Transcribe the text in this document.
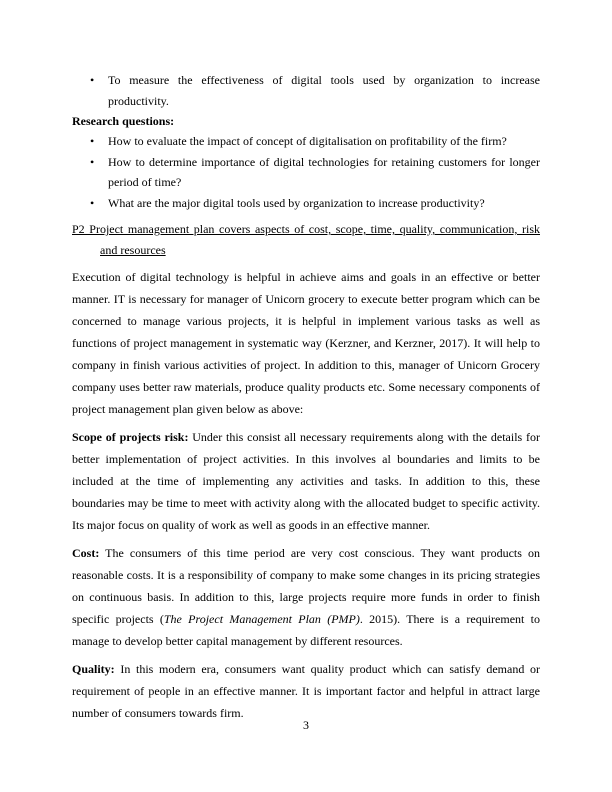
• To measure the effectiveness of digital tools used by organization to increase productivity.

Research questions:

• How to evaluate the impact of concept of digitalisation on profitability of the firm?
• How to determine importance of digital technologies for retaining customers for longer period of time?
• What are the major digital tools used by organization to increase productivity?

P2 Project management plan covers aspects of cost, scope, time, quality, communication, risk and resources

Execution of digital technology is helpful in achieve aims and goals in an effective or better manner. IT is necessary for manager of Unicorn grocery to execute better program which can be concerned to manage various projects, it is helpful in implement various tasks as well as functions of project management in systematic way (Kerzner, and Kerzner, 2017). It will help to company in finish various activities of project. In addition to this, manager of Unicorn Grocery company uses better raw materials, produce quality products etc. Some necessary components of project management plan given below as above:

Scope of projects risk: Under this consist all necessary requirements along with the details for better implementation of project activities. In this involves al boundaries and limits to be included at the time of implementing any activities and tasks. In addition to this, these boundaries may be time to meet with activity along with the allocated budget to specific activity. Its major focus on quality of work as well as goods in an effective manner.

Cost: The consumers of this time period are very cost conscious. They want products on reasonable costs. It is a responsibility of company to make some changes in its pricing strategies on continuous basis. In addition to this, large projects require more funds in order to finish specific projects (The Project Management Plan (PMP). 2015). There is a requirement to manage to develop better capital management by different resources.

Quality: In this modern era, consumers want quality product which can satisfy demand or requirement of people in an effective manner. It is important factor and helpful in attract large number of consumers towards firm.

3
